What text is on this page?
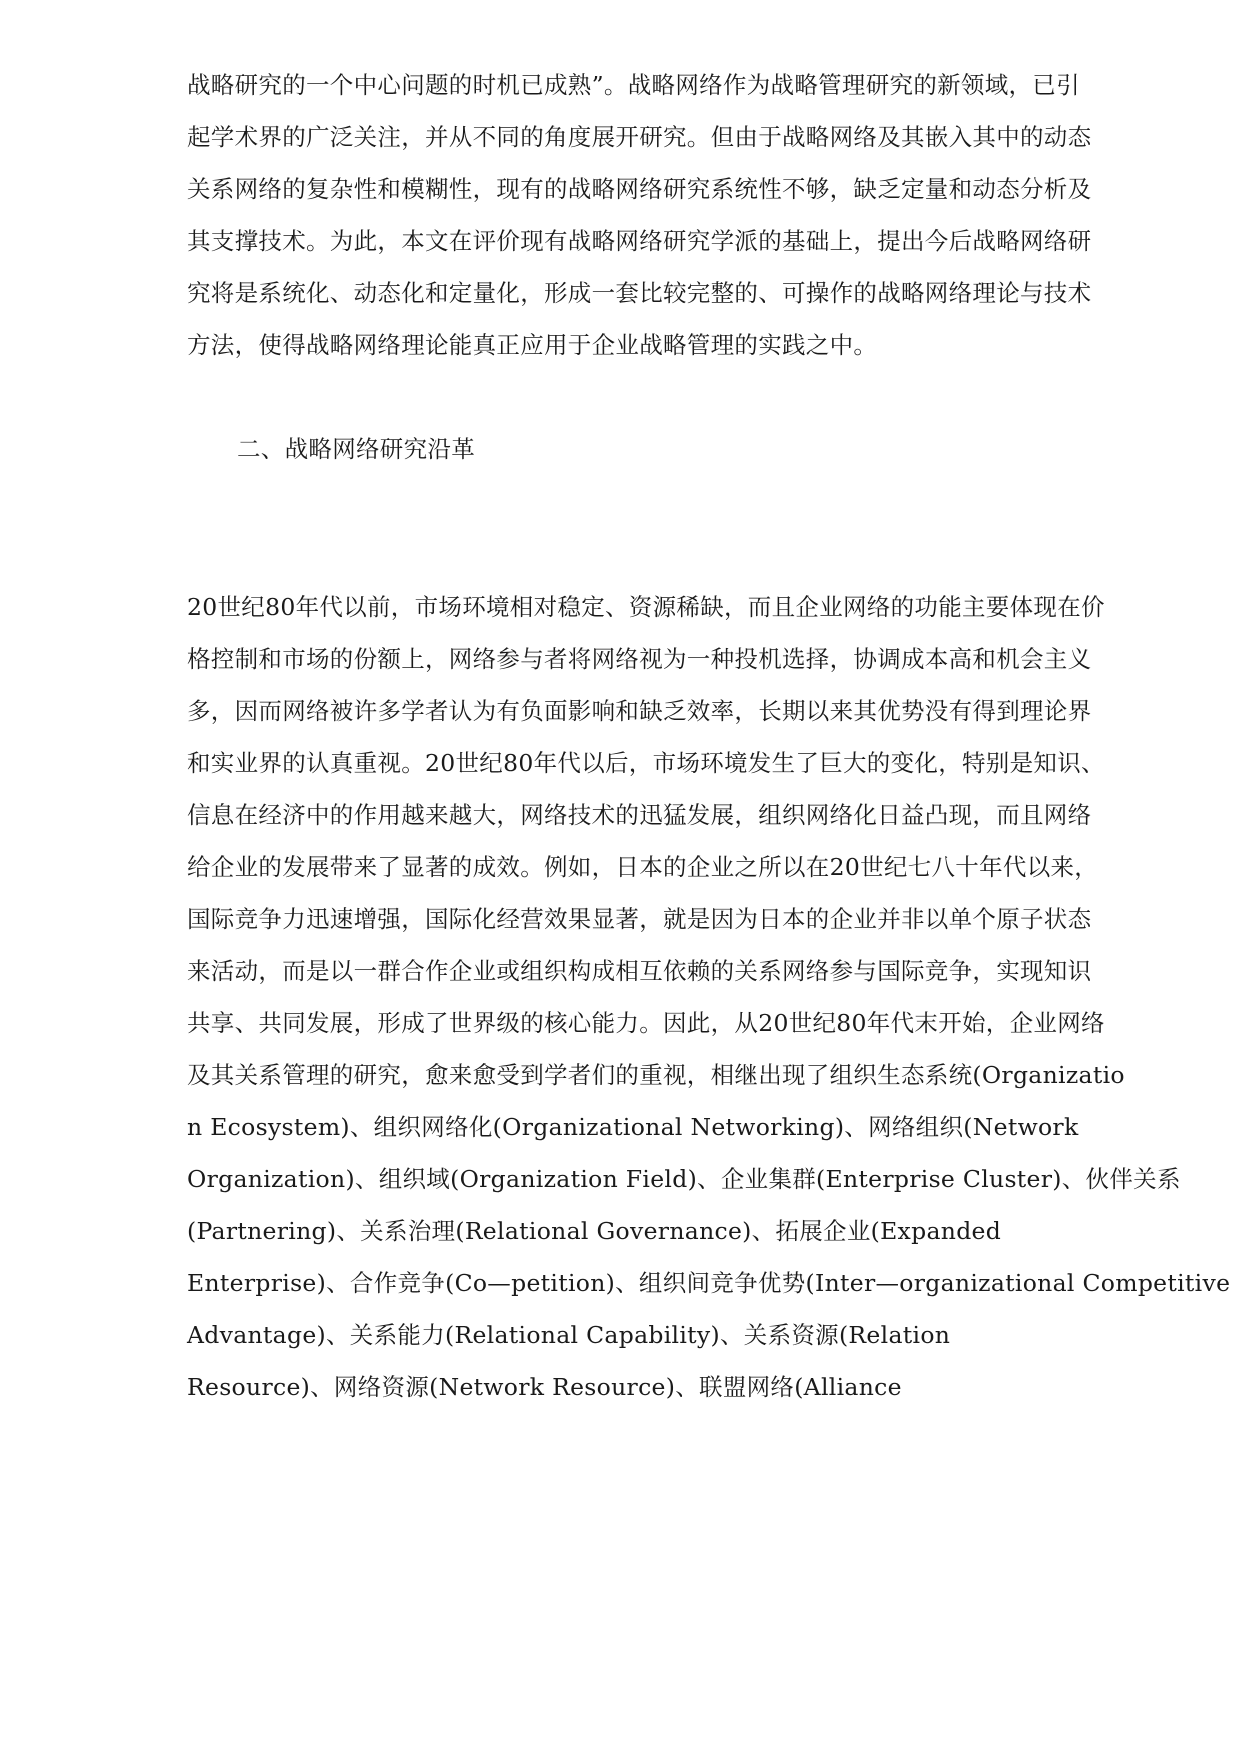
战略研究的一个中心问题的时机已成熟”。战略网络作为战略管理研究的新领域，已引
起学术界的广泛关注，并从不同的角度展开研究。但由于战略网络及其嵌入其中的动态
关系网络的复杂性和模糊性，现有的战略网络研究系统性不够，缺乏定量和动态分析及
其支撑技术。为此，本文在评价现有战略网络研究学派的基础上，提出今后战略网络研
究将是系统化、动态化和定量化，形成一套比较完整的、可操作的战略网络理论与技术
方法，使得战略网络理论能真正应用于企业战略管理的实践之中。
二、战略网络研究沿革
20世纪80年代以前，市场环境相对稳定、资源稀缺，而且企业网络的功能主要体现在价
格控制和市场的份额上，网络参与者将网络视为一种投机选择，协调成本高和机会主义
多，因而网络被许多学者认为有负面影响和缺乏效率，长期以来其优势没有得到理论界
和实业界的认真重视。20世纪80年代以后，市场环境发生了巨大的变化，特别是知识、
信息在经济中的作用越来越大，网络技术的迅猛发展，组织网络化日益凸现，而且网络
给企业的发展带来了显著的成效。例如，日本的企业之所以在20世纪七八十年代以来，
国际竞争力迅速增强，国际化经营效果显著，就是因为日本的企业并非以单个原子状态
来活动，而是以一群合作企业或组织构成相互依赖的关系网络参与国际竞争，实现知识
共享、共同发展，形成了世界级的核心能力。因此，从20世纪80年代末开始，企业网络
及其关系管理的研究，愈来愈受到学者们的重视，相继出现了组织生态系统(Organizatio
n Ecosystem)、组织网络化(Organizational Networking)、网络组织(Network
Organization)、组织域(Organization Field)、企业集群(Enterprise Cluster)、伙伴关系
(Partnering)、关系治理(Relational Governance)、拓展企业(Expanded
Enterprise)、合作竞争(Co—petition)、组织间竞争优势(Inter—organizational Competitive
Advantage)、关系能力(Relational Capability)、关系资源(Relation
Resource)、网络资源(Network Resource)、联盟网络(Alliance
